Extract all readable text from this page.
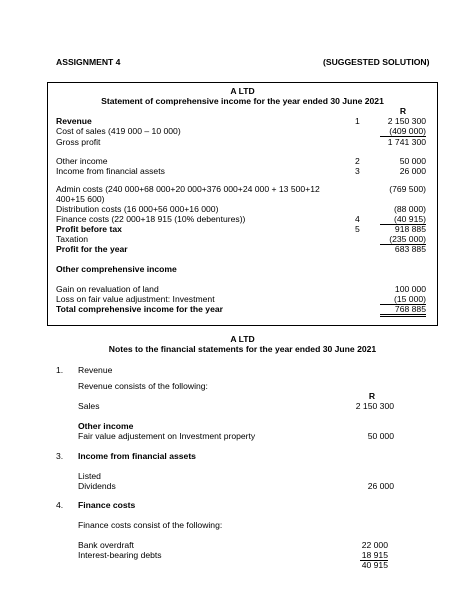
ASSIGNMENT 4	(SUGGESTED SOLUTION)
A LTD
Statement of comprehensive income for the year ended 30 June 2021
R
Revenue	1	2 150 300
Cost of sales (419 000 – 10 000)	(409 000)
Gross profit	1 741 300
Other income	2	50 000
Income from financial assets	3	26 000
Admin costs (240 000+68 000+20 000+376 000+24 000 + 13 500+12 400+15 600)
(769 500)
Distribution costs (16 000+56 000+16 000)	(88 000)
Finance costs (22 000+18 915 (10% debentures))	4	(40 915)
Profit before tax	5	918 885
Taxation	(235 000)
Profit for the year	683 885
Other comprehensive income
Gain on revaluation of land	100 000
Loss on fair value adjustment: Investment	(15 000)
Total comprehensive income for the year	768 885
A LTD
Notes to the financial statements for the year ended 30 June 2021
1. Revenue
Revenue consists of the following:
R
Sales	2 150 300
Other income
Fair value adjustement on Investment property	50 000
3. Income from financial assets
Listed
Dividends	26 000
4. Finance costs
Finance costs consist of the following:
Bank overdraft	22 000
Interest-bearing debts	18 915
40 915
